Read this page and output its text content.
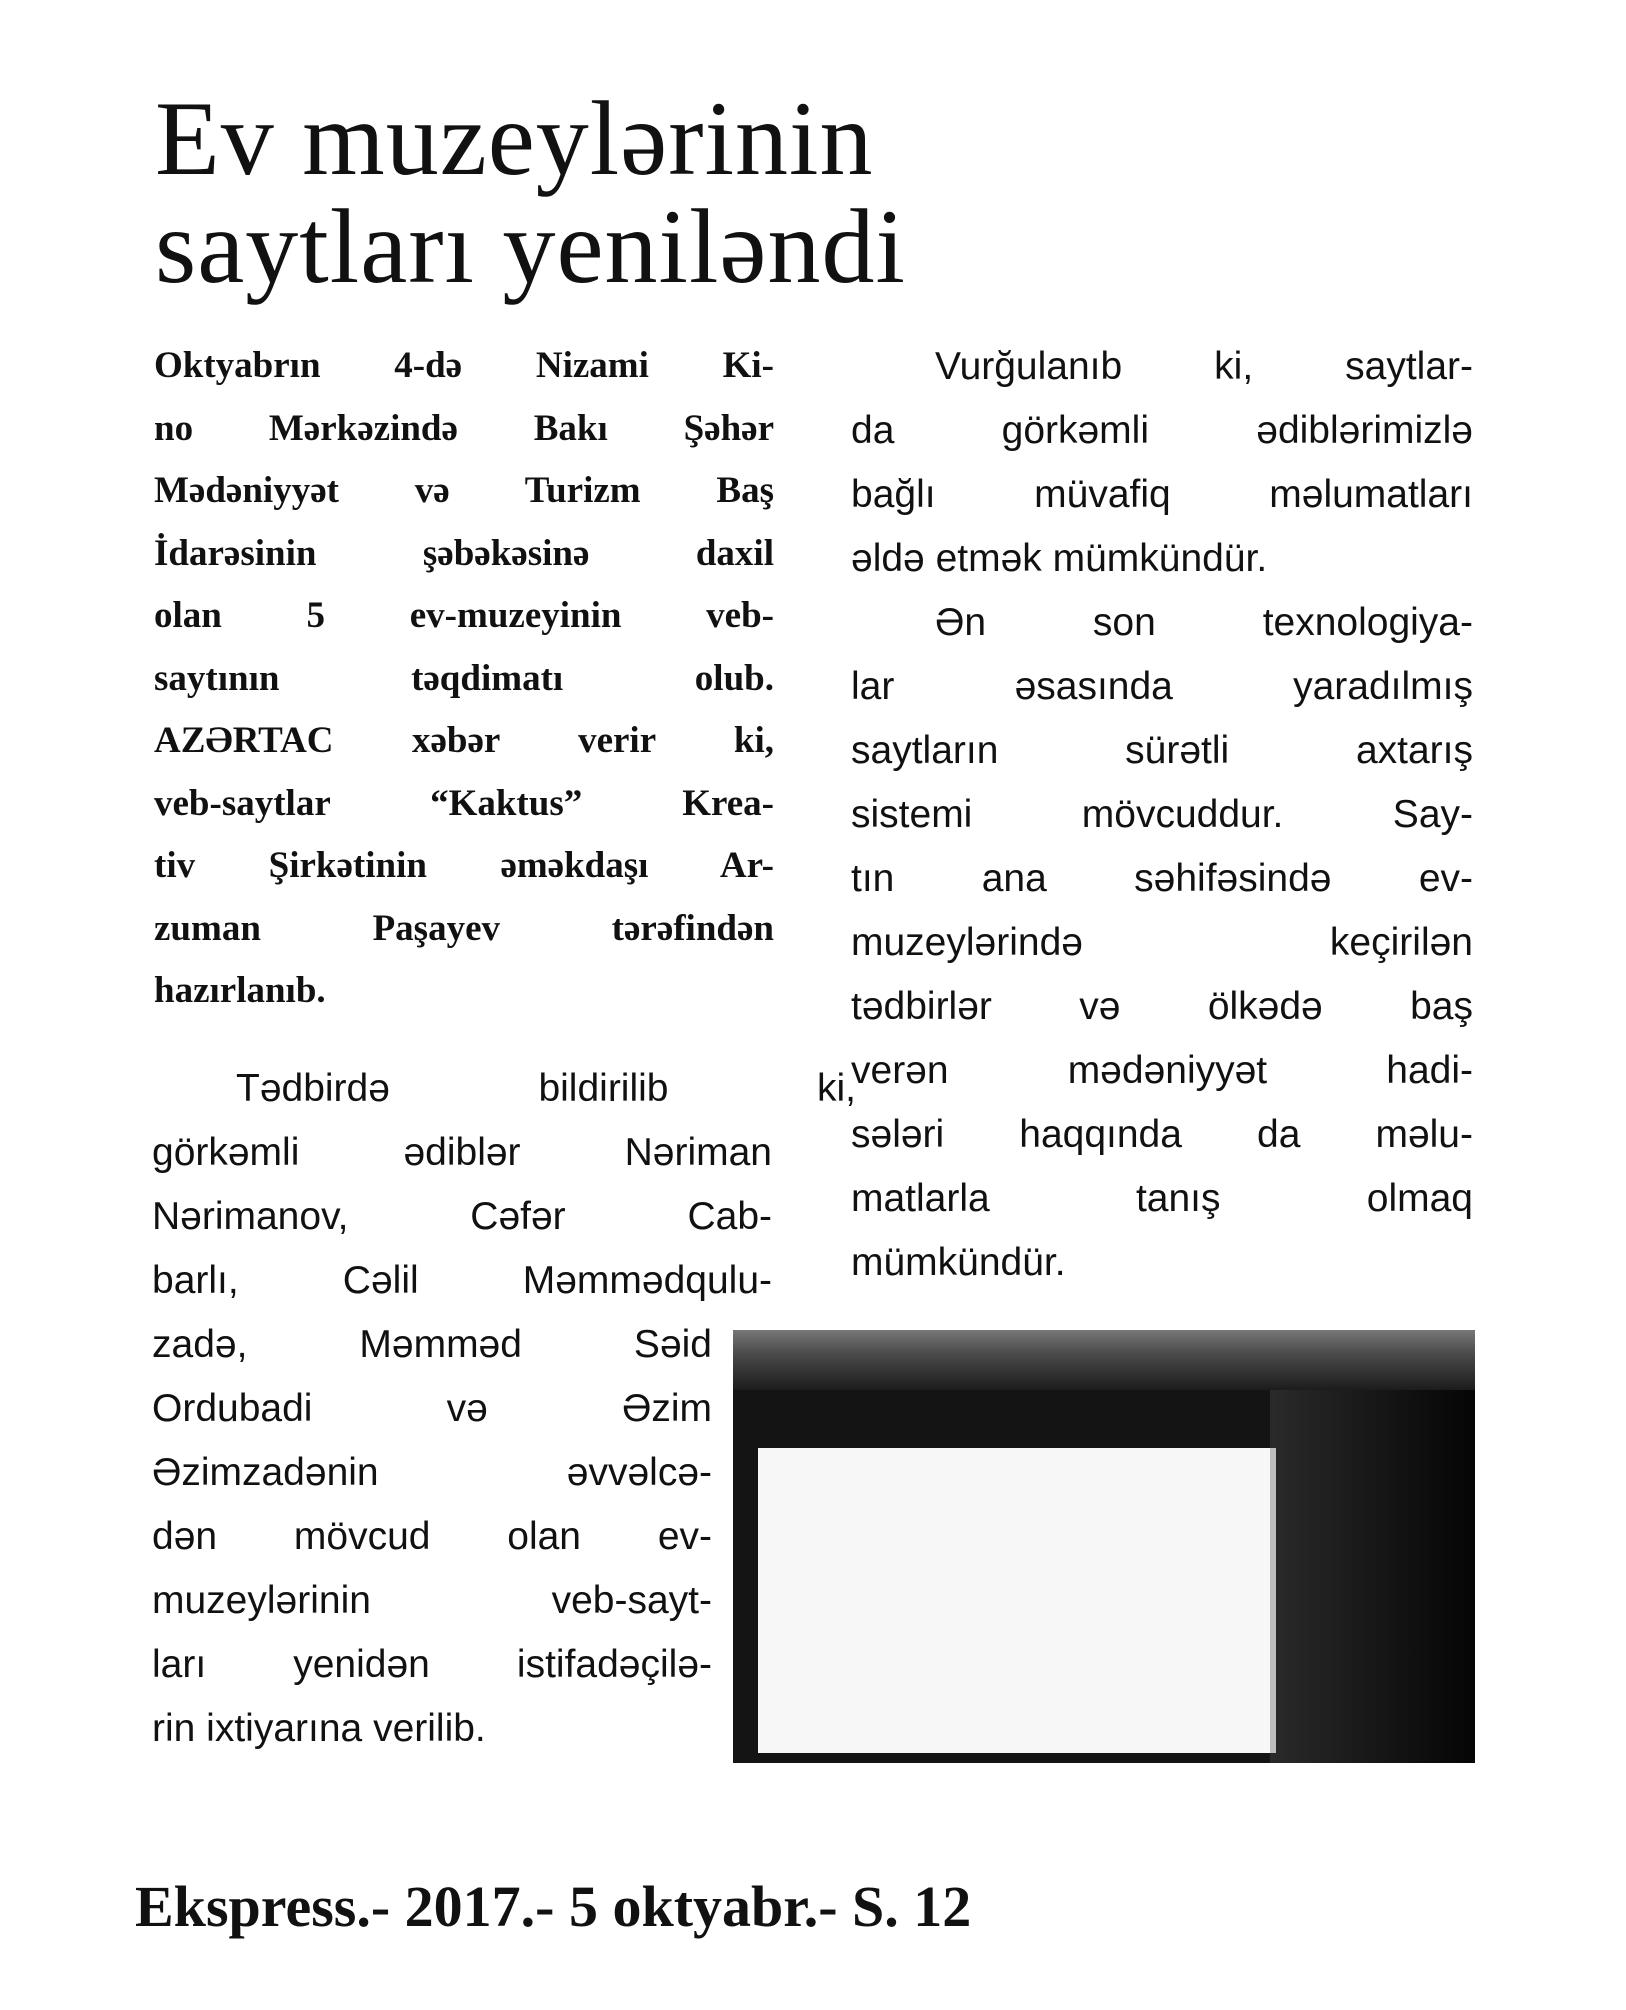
Ev muzeylərinin
saytları yeniləndi
Oktyabrın 4-də Nizami Ki-
no Mərkəzində Bakı Şəhər
Mədəniyyət və Turizm Baş
İdarəsinin şəbəkəsinə daxil
olan 5 ev-muzeyinin veb-
saytının təqdimatı olub.
AZƏRTAC xəbər verir ki,
veb-saytlar “Kaktus” Krea-
tiv Şirkətinin əməkdaşı Ar-
zuman Paşayev tərəfindən
hazırlanıb.
Tədbirdə bildirilib ki,
görkəmli ədiblər Nəriman
Nərimanov, Cəfər Cab-
barlı, Cəlil Məmmədqulu-
zadə, Məmməd Səid
Ordubadi və Əzim
Əzimzadənin əvvəlcə-
dən mövcud olan ev-
muzeylərinin veb-sayt-
ları yenidən istifadəçilə-
rin ixtiyarına verilib.
Vurğulanıb ki, saytlar-
da görkəmli ədiblərimizlə
bağlı müvafiq məlumatları
əldə etmək mümkündür.
Ən son texnologiya-
lar əsasında yaradılmış
saytların sürətli axtarış
sistemi mövcuddur. Say-
tın ana səhifəsində ev-
muzeylərində keçirilən
tədbirlər və ölkədə baş
verən mədəniyyət hadi-
sələri haqqında da məlu-
matlarla tanış olmaq
mümkündür.
Ekspress.- 2017.- 5 oktyabr.- S. 12
